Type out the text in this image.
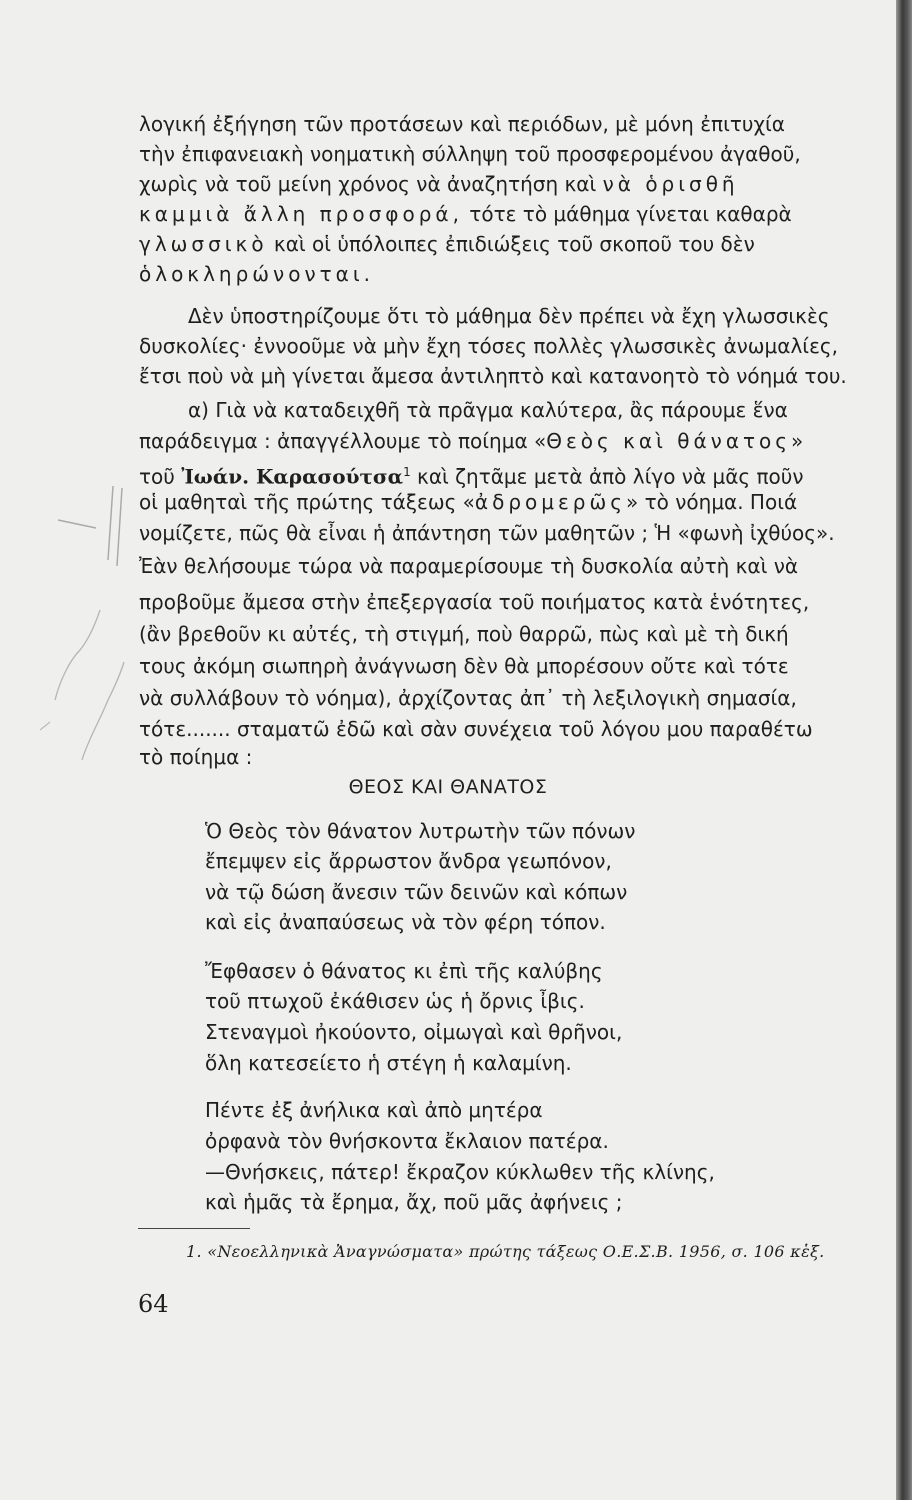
λογική ἐξήγηση τῶν προτάσεων καὶ περιόδων, μὲ μόνη ἐπιτυχία
τὴν ἐπιφανειακὴ νοηματικὴ σύλληψη τοῦ προσφερομένου ἀγαθοῦ,
χωρὶς νὰ τοῦ μείνη χρόνος νὰ ἀναζητήση καὶ νὰ ὁρισθῆ
καμμιὰ ἄλλη προσφορά, τότε τὸ μάθημα γίνεται καθαρὰ
γλωσσικὸ καὶ οἱ ὑπόλοιπες ἐπιδιώξεις τοῦ σκοποῦ του δὲν
ὁλοκληρώνονται.
Δὲν ὑποστηρίζουμε ὅτι τὸ μάθημα δὲν πρέπει νὰ ἔχη γλωσσικὲς
δυσκολίες· ἐννοοῦμε νὰ μὴν ἔχη τόσες πολλὲς γλωσσικὲς ἀνωμαλίες,
ἔτσι ποὺ νὰ μὴ γίνεται ἄμεσα ἀντιληπτὸ καὶ κατανοητὸ τὸ νόημά του.
α) Γιὰ νὰ καταδειχθῆ τὰ πρᾶγμα καλύτερα, ἂς πάρουμε ἕνα
παράδειγμα : ἀπαγγέλλουμε τὸ ποίημα «Θεὸς καὶ θάνατος»
τοῦ Ἰωάν. Καρασούτσα$^1$ καὶ ζητᾶμε μετὰ ἀπὸ λίγο νὰ μᾶς ποῦν
οἱ μαθηταὶ τῆς πρώτης τάξεως «ἀδρομερῶς» τὸ νόημα. Ποιά
νομίζετε, πῶς θὰ εἶναι ἡ ἀπάντηση τῶν μαθητῶν ; Ἡ «φωνὴ ἰχθύος».
Ἐὰν θελήσουμε τώρα νὰ παραμερίσουμε τὴ δυσκολία αὐτὴ καὶ νὰ
προβοῦμε ἄμεσα στὴν ἐπεξεργασία τοῦ ποιήματος κατὰ ἑνότητες,
(ἂν βρεθοῦν κι αὐτές, τὴ στιγμή, ποὺ θαρρῶ, πὼς καὶ μὲ τὴ δική
τους ἀκόμη σιωπηρὴ ἀνάγνωση δὲν θὰ μπορέσουν οὔτε καὶ τότε
νὰ συλλάβουν τὸ νόημα), ἀρχίζοντας ἀπ᾿ τὴ λεξιλογικὴ σημασία,
τότε....... σταματῶ ἐδῶ καὶ σὰν συνέχεια τοῦ λόγου μου παραθέτω
τὸ ποίημα :
ΘΕΟΣ ΚΑΙ ΘΑΝΑΤΟΣ
Ὁ Θεὸς τὸν θάνατον λυτρωτὴν τῶν πόνων
ἔπεμψεν εἰς ἄρρωστον ἄνδρα γεωπόνον,
νὰ τῷ δώση ἄνεσιν τῶν δεινῶν καὶ κόπων
καὶ εἰς ἀναπαύσεως νὰ τὸν φέρη τόπον.
Ἔφθασεν ὁ θάνατος κι ἐπὶ τῆς καλύβης
τοῦ πτωχοῦ ἐκάθισεν ὡς ἡ ὄρνις ἶβις.
Στεναγμοὶ ἠκούοντο, οἰμωγαὶ καὶ θρῆνοι,
ὅλη κατεσείετο ἡ στέγη ἡ καλαμίνη.
Πέντε ἐξ ἀνήλικα καὶ ἀπὸ μητέρα
ὀρφανὰ τὸν θνήσκοντα ἔκλαιον πατέρα.
—Θνήσκεις, πάτερ! ἔκραζον κύκλωθεν τῆς κλίνης,
καὶ ἡμᾶς τὰ ἔρημα, ἄχ, ποῦ μᾶς ἀφήνεις ;
1. «Νεοελληνικὰ Ἀναγνώσματα» πρώτης τάξεως Ο.Ε.Σ.Β. 1956, σ. 106 κἑξ.
64
